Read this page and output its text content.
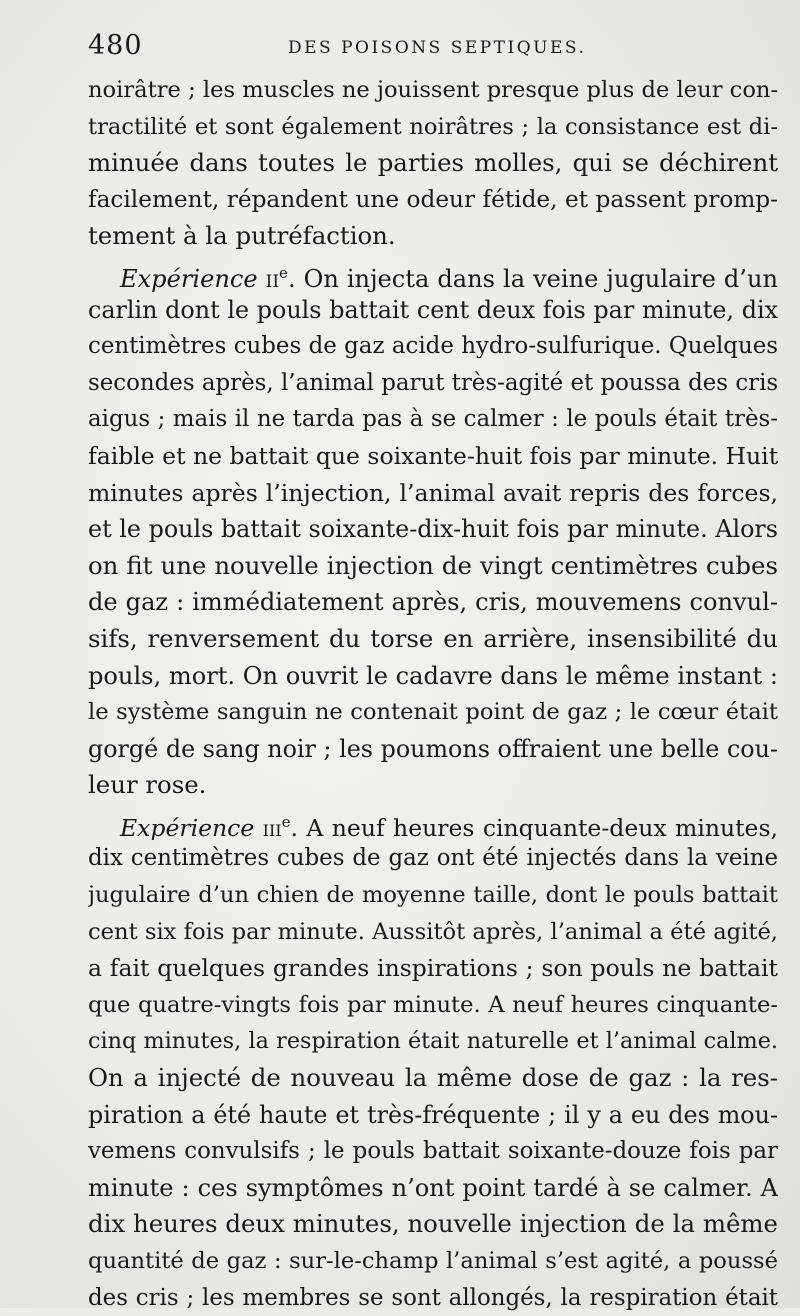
480	DES POISONS SEPTIQUES.
noirâtre ; les muscles ne jouissent presque plus de leur con-
tractilité et sont également noirâtres ; la consistance est di-
minuée dans toutes le parties molles, qui se déchirent
facilement, répandent une odeur fétide, et passent promp-
tement à la putréfaction.
Expérience $ii^e$. On injecta dans la veine jugulaire d’un
carlin dont le pouls battait cent deux fois par minute, dix
centimètres cubes de gaz acide hydro-sulfurique. Quelques
secondes après, l’animal parut très-agité et poussa des cris
aigus ; mais il ne tarda pas à se calmer : le pouls était très-
faible et ne battait que soixante-huit fois par minute. Huit
minutes après l’injection, l’animal avait repris des forces,
et le pouls battait soixante-dix-huit fois par minute. Alors
on fit une nouvelle injection de vingt centimètres cubes
de gaz : immédiatement après, cris, mouvemens convul-
sifs, renversement du torse en arrière, insensibilité du
pouls, mort. On ouvrit le cadavre dans le même instant :
le système sanguin ne contenait point de gaz ; le cœur était
gorgé de sang noir ; les poumons offraient une belle cou-
leur rose.
Expérience iii$^e$. A neuf heures cinquante-deux minutes,
dix centimètres cubes de gaz ont été injectés dans la veine
jugulaire d’un chien de moyenne taille, dont le pouls battait
cent six fois par minute. Aussitôt après, l’animal a été agité,
a fait quelques grandes inspirations ; son pouls ne battait
que quatre-vingts fois par minute. A neuf heures cinquante-
cinq minutes, la respiration était naturelle et l’animal calme.
On a injecté de nouveau la même dose de gaz : la res-
piration a été haute et très-fréquente ; il y a eu des mou-
vemens convulsifs ; le pouls battait soixante-douze fois par
minute : ces symptômes n’ont point tardé à se calmer. A
dix heures deux minutes, nouvelle injection de la même
quantité de gaz : sur-le-champ l’animal s’est agité, a poussé
des cris ; les membres se sont allongés, la respiration était
